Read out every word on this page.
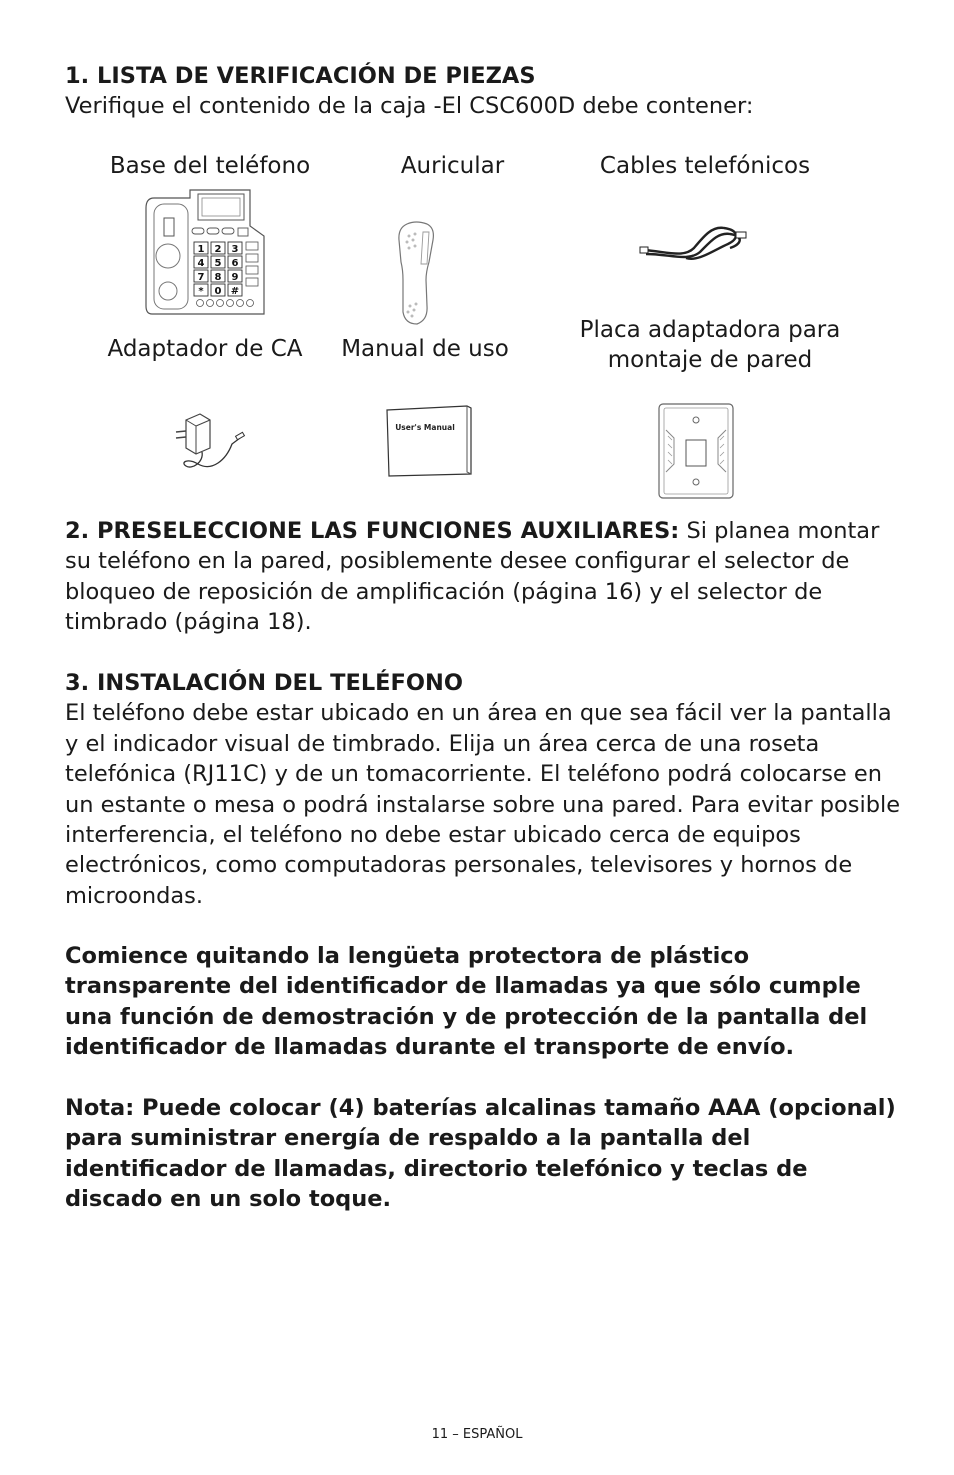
1. LISTA DE VERIFICACIÓN DE PIEZAS
Verifique el contenido de la caja -El CSC600D debe contener:
Base del teléfono	Auricular	Cables telefónicos
1 2 3
4 5 6
7 8 9
* 0 #
Adaptador de CA	Manual de uso
Placa adaptadora para
montaje de pared
User's Manual
2. PRESELECCIONE LAS FUNCIONES AUXILIARES: Si planea montar su teléfono en la pared, posiblemente desee configurar el selector de bloqueo de reposición de amplificación (página 16) y el selector de timbrado (página 18).
3. INSTALACIÓN DEL TELÉFONO
El teléfono debe estar ubicado en un área en que sea fácil ver la pantalla y el indicador visual de timbrado. Elija un área cerca de una roseta telefónica (RJ11C) y de un tomacorriente. El teléfono podrá colocarse en un estante o mesa o podrá instalarse sobre una pared. Para evitar posible interferencia, el teléfono no debe estar ubicado cerca de equipos electrónicos, como computadoras personales, televisores y hornos de microondas.
Comience quitando la lengüeta protectora de plástico transparente del identificador de llamadas ya que sólo cumple una función de demostración y de protección de la pantalla del identificador de llamadas durante el transporte de envío.
Nota: Puede colocar (4) baterías alcalinas tamaño AAA (opcional) para suministrar energía de respaldo a la pantalla del identificador de llamadas, directorio telefónico y teclas de discado en un solo toque.
11 – ESPAÑOL
